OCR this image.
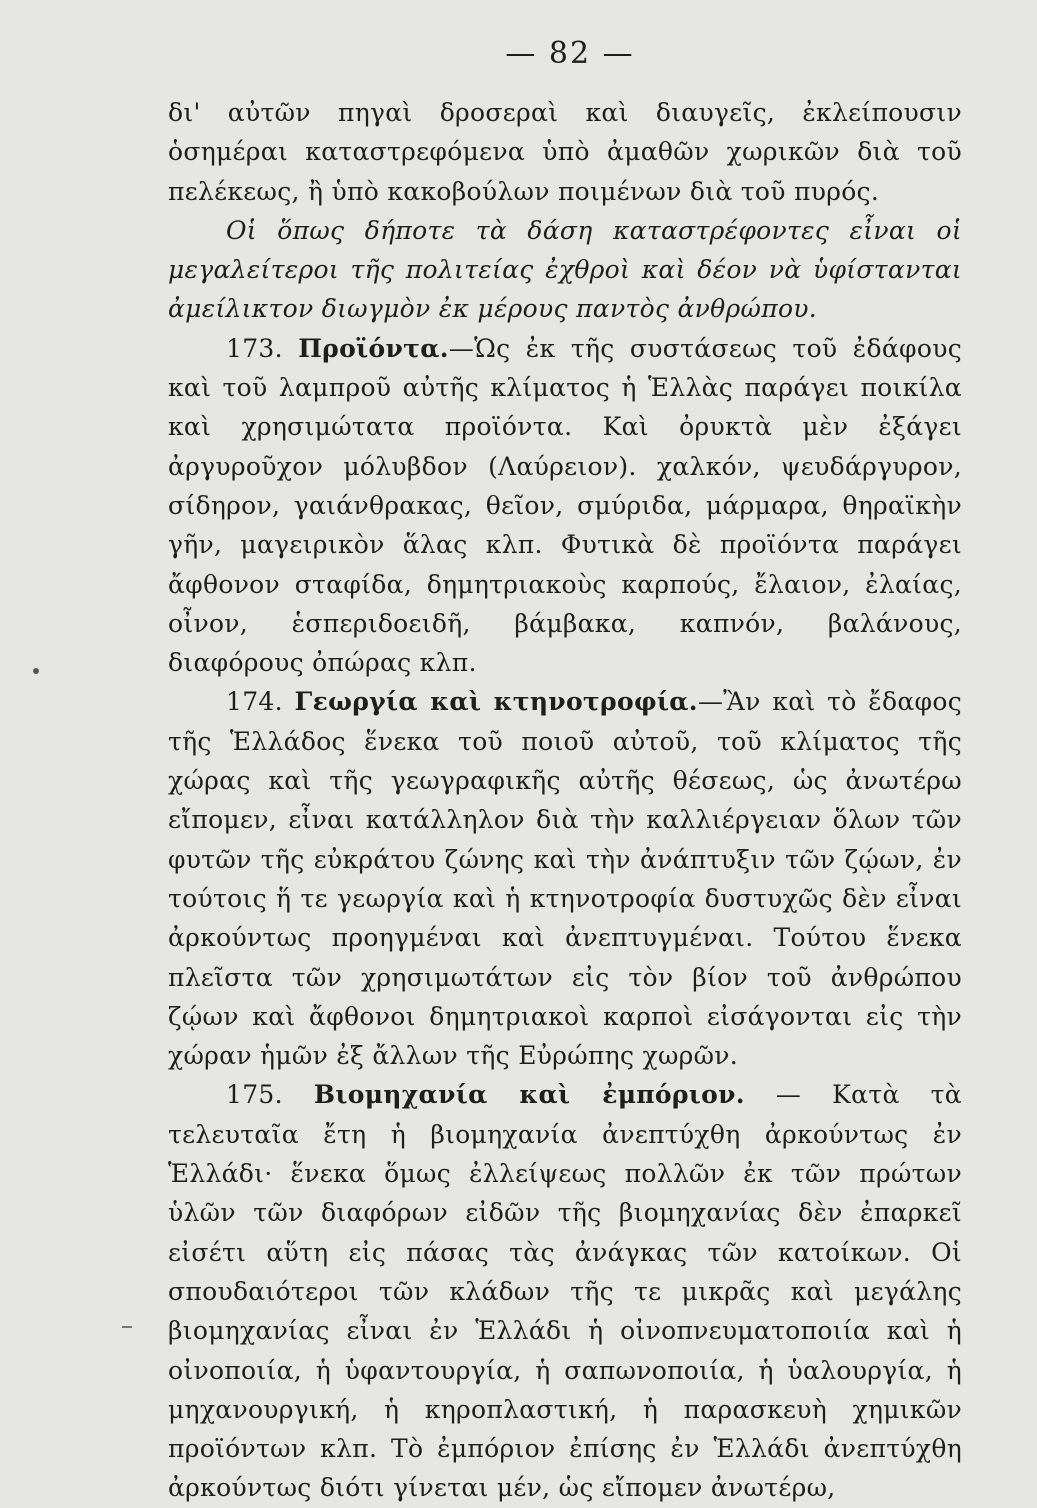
— 82 —

δι' αὐτῶν πηγαὶ δροσεραὶ καὶ διαυγεῖς, ἐκλείπουσιν ὁσημέραι καταστρεφόμενα ὑπὸ ἀμαθῶν χωρικῶν διὰ τοῦ πελέκεως, ἢ ὑπὸ κακοβούλων ποιμένων διὰ τοῦ πυρός.

Οἱ ὅπως δήποτε τὰ δάση καταστρέφοντες εἶναι οἱ μεγαλείτεροι τῆς πολιτείας ἐχθροὶ καὶ δέον νὰ ὑφίστανται ἀμείλικτον διωγμὸν ἐκ μέρους παντὸς ἀνθρώπου.

173. Προϊόντα.—Ὡς ἐκ τῆς συστάσεως τοῦ ἐδάφους καὶ τοῦ λαμπροῦ αὐτῆς κλίματος ἡ Ἑλλὰς παράγει ποικίλα καὶ χρησιμώτατα προϊόντα. Καὶ ὀρυκτὰ μὲν ἐξάγει ἀργυροῦχον μόλυβδον (Λαύρειον). χαλκόν, ψευδάργυρον, σίδηρον, γαιάνθρακας, θεῖον, σμύριδα, μάρμαρα, θηραϊκὴν γῆν, μαγειρικὸν ἅλας κλπ. Φυτικὰ δὲ προϊόντα παράγει ἄφθονον σταφίδα, δημητριακοὺς καρπούς, ἔλαιον, ἐλαίας, οἶνον, ἑσπεριδοειδῆ, βάμβακα, καπνόν, βαλάνους, διαφόρους ὀπώρας κλπ.

174. Γεωργία καὶ κτηνοτροφία.—Ἂν καὶ τὸ ἔδαφος τῆς Ἑλλάδος ἕνεκα τοῦ ποιοῦ αὐτοῦ, τοῦ κλίματος τῆς χώρας καὶ τῆς γεωγραφικῆς αὐτῆς θέσεως, ὡς ἀνωτέρω εἴπομεν, εἶναι κατάλληλον διὰ τὴν καλλιέργειαν ὅλων τῶν φυτῶν τῆς εὐκράτου ζώνης καὶ τὴν ἀνάπτυξιν τῶν ζῴων, ἐν τούτοις ἥ τε γεωργία καὶ ἡ κτηνοτροφία δυστυχῶς δὲν εἶναι ἀρκούντως προηγμέναι καὶ ἀνεπτυγμέναι. Τούτου ἕνεκα πλεῖστα τῶν χρησιμωτάτων εἰς τὸν βίον τοῦ ἀνθρώπου ζῴων καὶ ἄφθονοι δημητριακοὶ καρποὶ εἰσάγονται εἰς τὴν χώραν ἡμῶν ἐξ ἄλλων τῆς Εὐρώπης χωρῶν.

175. Βιομηχανία καὶ ἐμπόριον. — Κατὰ τὰ τελευταῖα ἔτη ἡ βιομηχανία ἀνεπτύχθη ἀρκούντως ἐν Ἑλλάδι· ἕνεκα ὅμως ἐλλείψεως πολλῶν ἐκ τῶν πρώτων ὑλῶν τῶν διαφόρων εἰδῶν τῆς βιομηχανίας δὲν ἐπαρκεῖ εἰσέτι αὕτη εἰς πάσας τὰς ἀνάγκας τῶν κατοίκων. Οἱ σπουδαιότεροι τῶν κλάδων τῆς τε μικρᾶς καὶ μεγάλης βιομηχανίας εἶναι ἐν Ἑλλάδι ἡ οἰνοπνευματοποιία καὶ ἡ οἰνοποιία, ἡ ὑφαντουργία, ἡ σαπωνοποιία, ἡ ὑαλουργία, ἡ μηχανουργική, ἡ κηροπλαστική, ἡ παρασκευὴ χημικῶν προϊόντων κλπ. Τὸ ἐμπόριον ἐπίσης ἐν Ἑλλάδι ἀνεπτύχθη ἀρκούντως διότι γίνεται μέν, ὡς εἴπομεν ἀνωτέρω,
